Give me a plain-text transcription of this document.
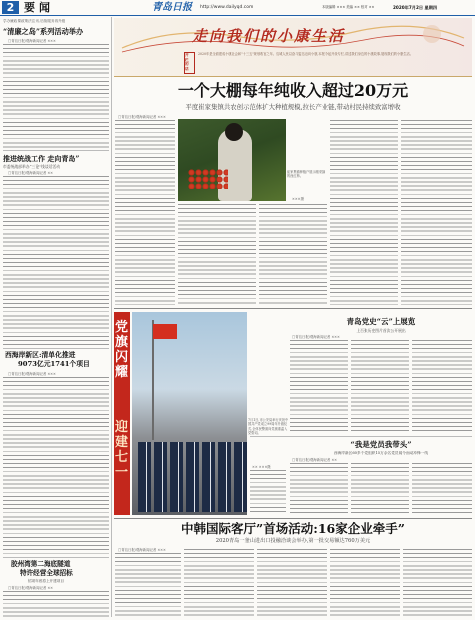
2 要闻	青岛日报 http://www.dailyqd.com	本版编辑 ××× 美编 ×× 校对 ××	2020年7月2日 星期四
学办廉政课政策法注讯,后续服务再升级
“清廉之岛”系列活动举办
□青岛日报/观海新闻记者 ×××
推进统战工作 走向青岛”
市委统战部举办“三论”线谈话活动
□青岛日报/观海新闻记者 ××
西海岸新区:清单化推进
9073亿元1741个项目
□青岛日报/观海新闻记者 ×××
胶州湾第二海底隧道
特许经营全球招标
招项年底将上开建项目
□青岛日报/观海新闻记者 ××
走向我们的小康生活
开栏的话
2020年是全面建成小康社会和"十三五"规划收官之年。岛城人民以奋斗姿态迈向小康,本报今起开设专栏,讲述我们身边的小康故事,展现我们的小康生活。
一个大棚每年纯收入超过20万元
平度崔家集镇共农创示范体扩大种植规模,拉长产业链,带动村民持续致富增收
□青岛日报/观海新闻记者 ×××
崔家集镇种植户展示刚采摘的西红柿。
×××摄
党旗闪耀
迎建七一
7月1日,市公安局举行庆祝中国共产党成立99周年升旗仪式,全体民警面向党旗重温入党誓词。
×× ×××摄
青岛党史“云”上展览
上百张历史图片首次公开展出
□青岛日报/观海新闻记者 ×××
“我是党员我带头”
西海岸新区60多个党组织15万余名党员闻令而动冲锋一线
□青岛日报/观海新闻记者 ××
中韩国际客厅”首场活动:16家企业牵手”
2020青岛一釜山进出口投融洽谈会举办,第一批交易额达760万美元
□青岛日报/观海新闻记者 ×××
